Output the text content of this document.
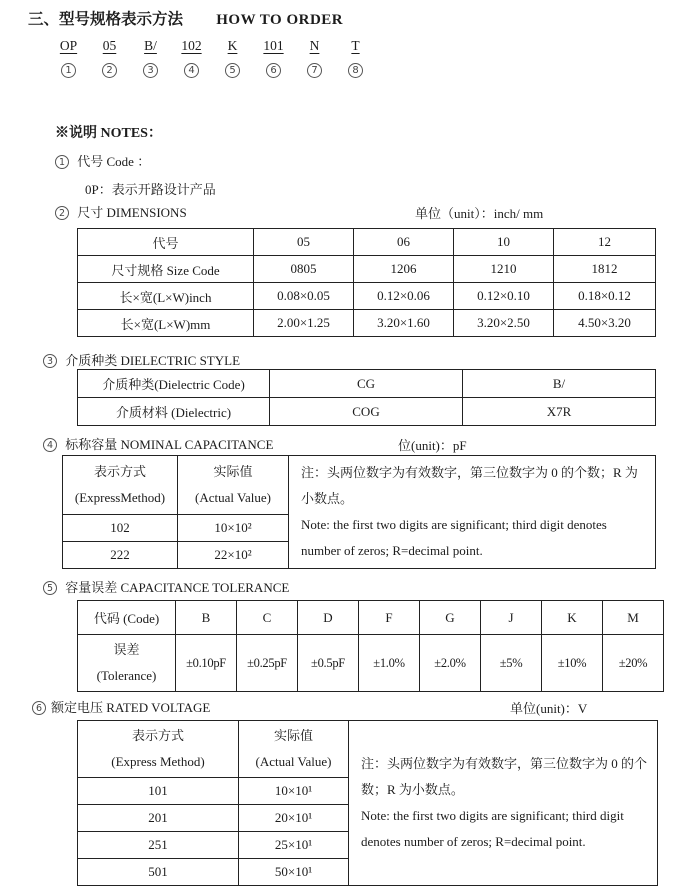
三、型号规格表示方法 HOW TO ORDER
OP
1
05
2
B/
3
102
4
K
5
101
6
N
7
T
8
※说明 NOTES：
1 代号 Code ：
0P：表示开路设计产品
2 尺寸 DIMENSIONS	单位（unit）：inch/ mm
代号	05	06	10	12
尺寸规格 Size Code	0805	1206	1210	1812
长×宽(L×W)inch	0.08×0.05	0.12×0.06	0.12×0.10	0.18×0.12
长×宽(L×W)mm	2.00×1.25	3.20×1.60	3.20×2.50	4.50×3.20
3 介质种类 DIELECTRIC STYLE
介质种类(Dielectric Code)	CG	B/
介质材料 (Dielectric)	COG	X7R
4 标称容量 NOMINAL CAPACITANCE	位(unit)：pF
表示方式
(ExpressMethod)

实际值
(Actual Value)

注：头两位数字为有效数字，第三位数字为 0 的个数；R 为小数点。
Note: the first two digits are significant; third digit denotes number of zeros; R=decimal point.

102	10×10²	
222	22×10²	
5 容量误差 CAPACITANCE TOLERANCE
代码 (Code)	B	C	D	F	G	J	K	M

误差
(Tolerance)	±0.10pF	±0.25pF	±0.5pF	±1.0%	±2.0%	±5%	±10%	±20%
6 额定电压 RATED VOLTAGE	单位(unit)：V
表示方式
(Express Method)

实际值
(Actual Value)	注：头两位数字为有效数字，第三位数字为 0 的个数；R 为小数点。
Note: the first two digits are significant; third digit denotes number of zeros; R=decimal point.

101	10×10¹	
201	20×10¹	
251	25×10¹	
501	50×10¹	
